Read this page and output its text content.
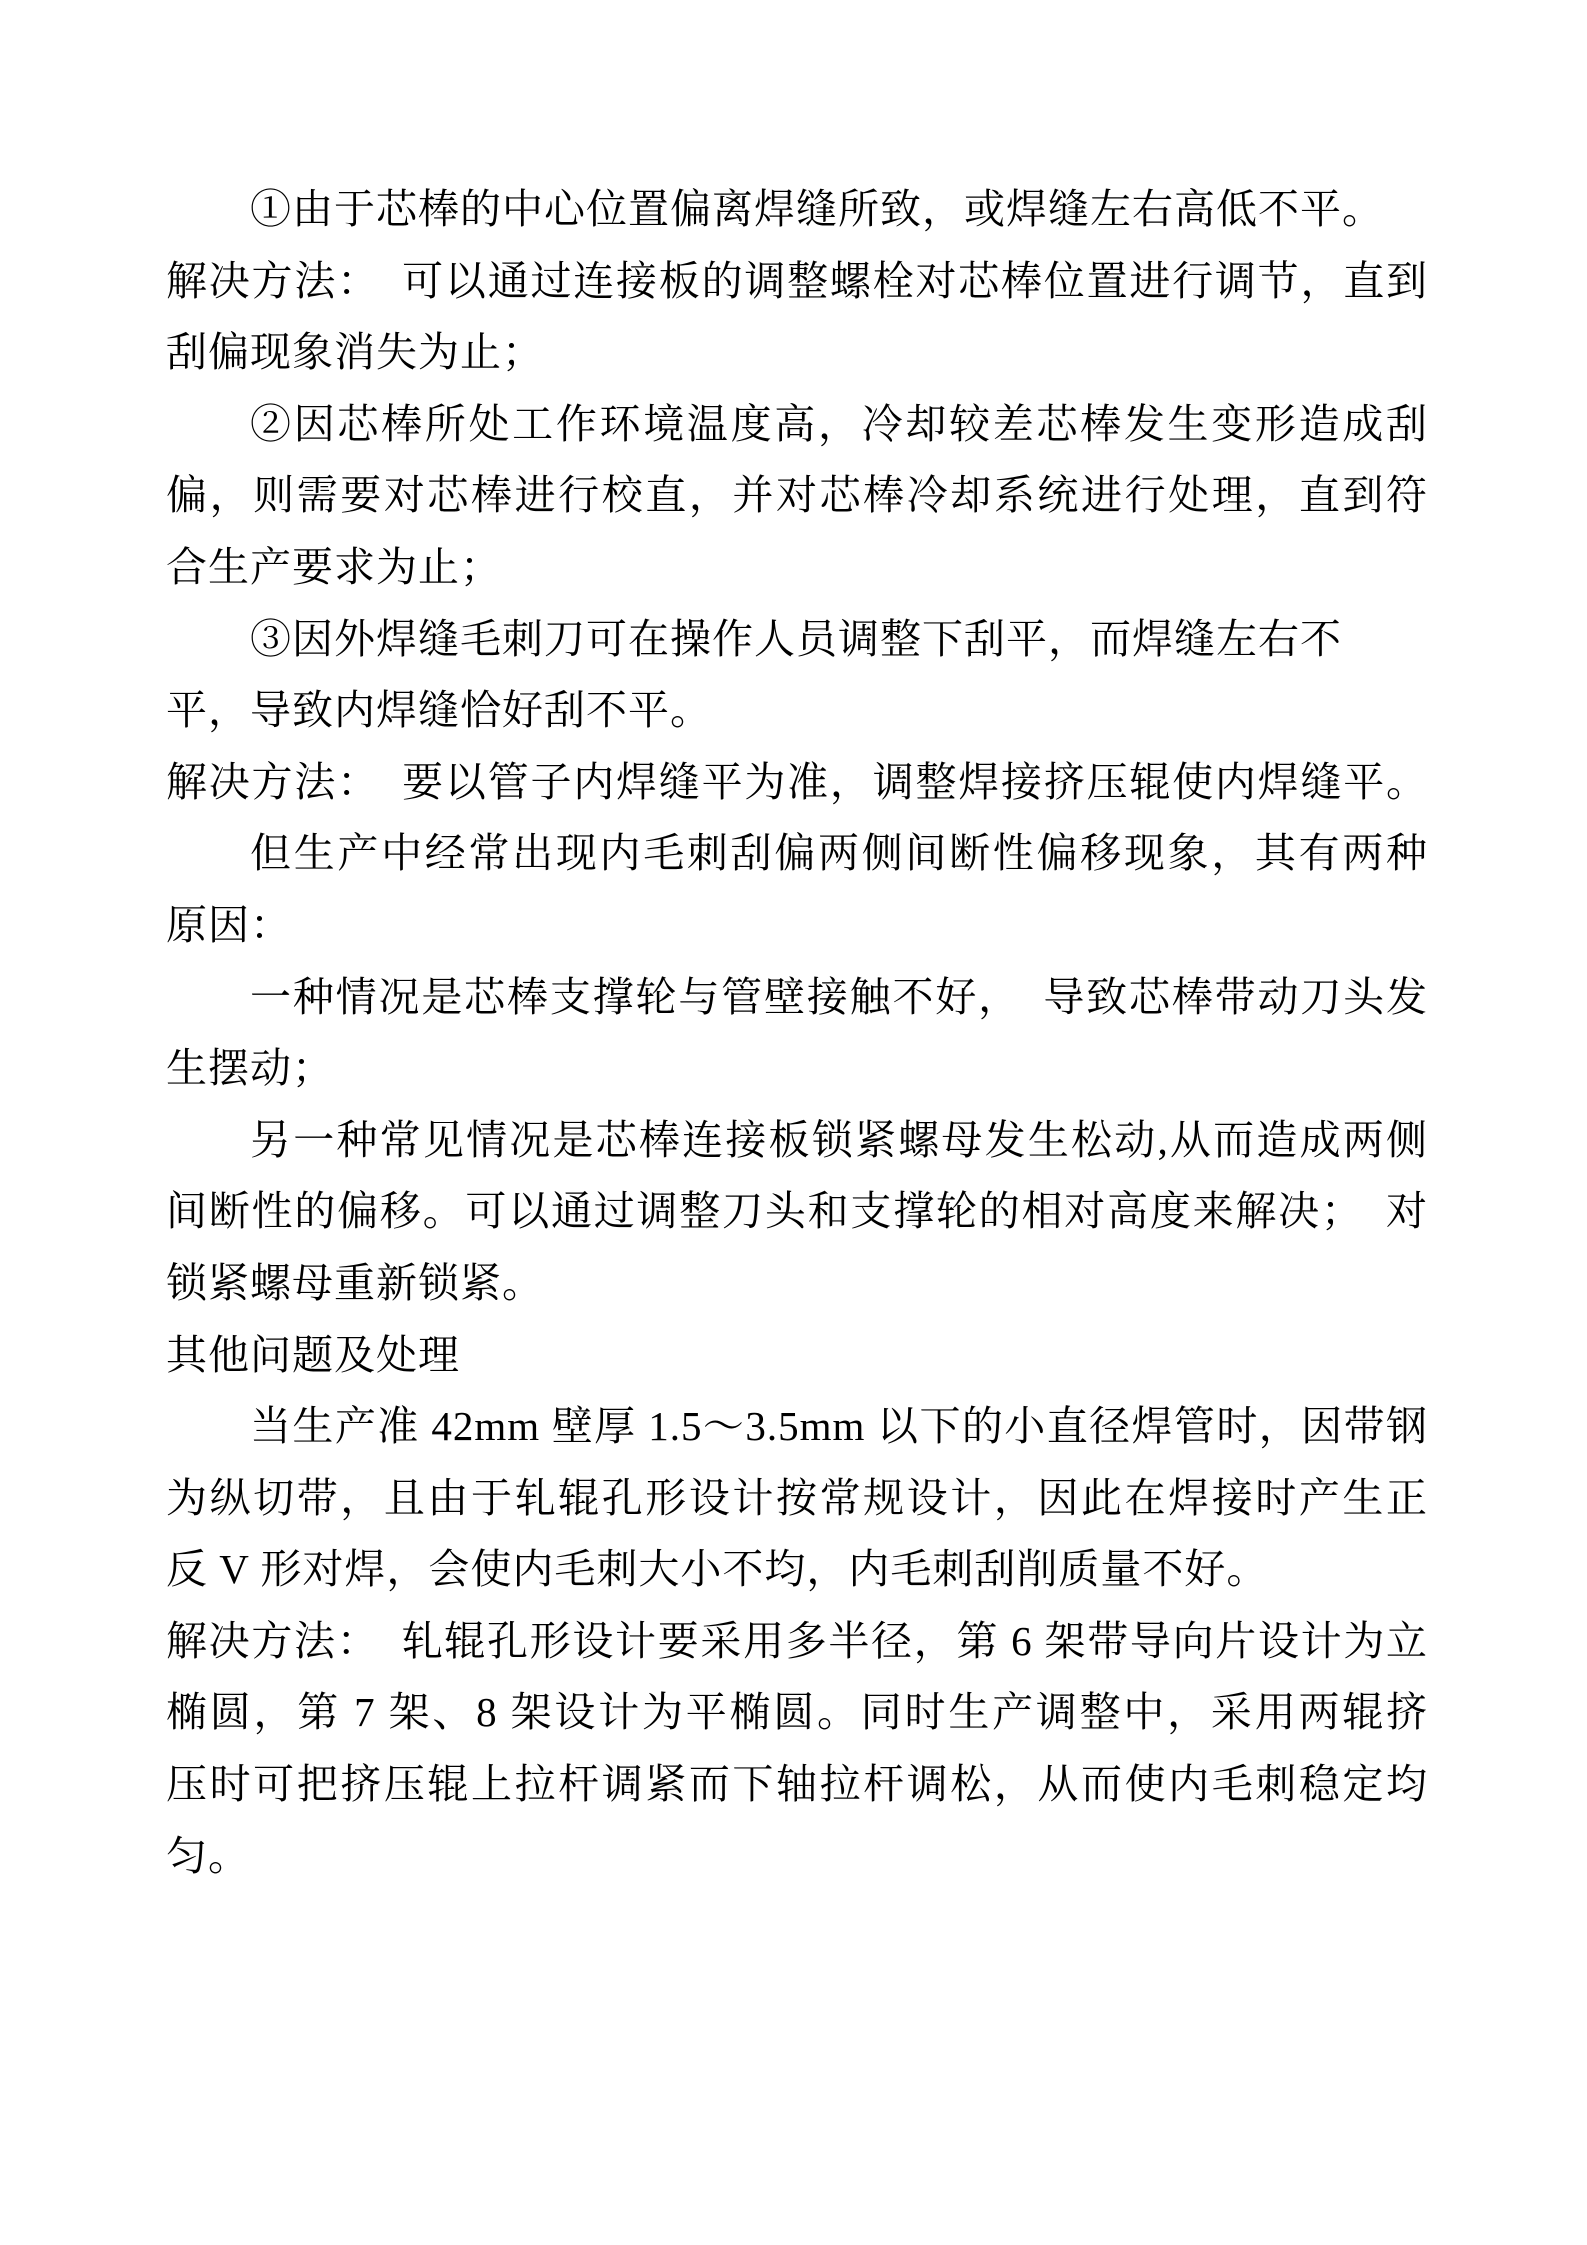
①由于芯棒的中心位置偏离焊缝所致，或焊缝左右高低不平。
解决方法：　可以通过连接板的调整螺栓对芯棒位置进行调节，直到
刮偏现象消失为止；
②因芯棒所处工作环境温度高，冷却较差芯棒发生变形造成刮
偏，则需要对芯棒进行校直，并对芯棒冷却系统进行处理，直到符
合生产要求为止；
③因外焊缝毛刺刀可在操作人员调整下刮平，而焊缝左右不
平，导致内焊缝恰好刮不平。
解决方法：　要以管子内焊缝平为准，调整焊接挤压辊使内焊缝平。
但生产中经常出现内毛刺刮偏两侧间断性偏移现象，其有两种
原因：
一种情况是芯棒支撑轮与管壁接触不好，　导致芯棒带动刀头发
生摆动；
另一种常见情况是芯棒连接板锁紧螺母发生松动,从而造成两侧
间断性的偏移。可以通过调整刀头和支撑轮的相对高度来解决；　对
锁紧螺母重新锁紧。
其他问题及处理
当生产准 42mm 壁厚 1.5～3.5mm 以下的小直径焊管时，因带钢
为纵切带，且由于轧辊孔形设计按常规设计，因此在焊接时产生正
反 V 形对焊，会使内毛刺大小不均，内毛刺刮削质量不好。
解决方法：　轧辊孔形设计要采用多半径，第 6 架带导向片设计为立
椭圆，第 7 架、8 架设计为平椭圆。同时生产调整中，采用两辊挤
压时可把挤压辊上拉杆调紧而下轴拉杆调松，从而使内毛刺稳定均
匀。
